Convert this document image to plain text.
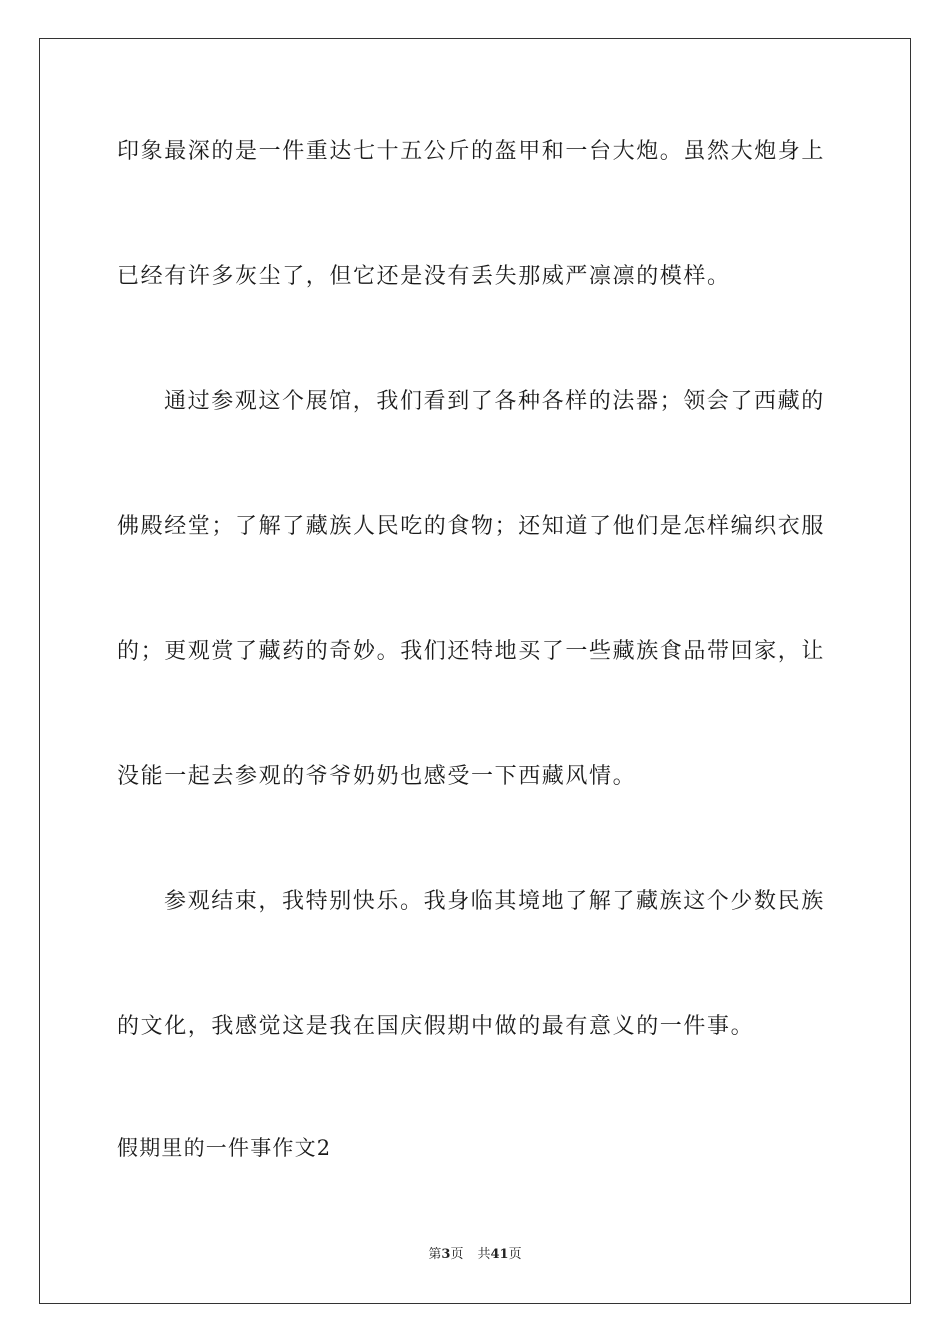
印象最深的是一件重达七十五公斤的盔甲和一台大炮。虽然大炮身上
已经有许多灰尘了，但它还是没有丢失那威严凛凛的模样。
通过参观这个展馆，我们看到了各种各样的法器；领会了西藏的
佛殿经堂；了解了藏族人民吃的食物；还知道了他们是怎样编织衣服
的；更观赏了藏药的奇妙。我们还特地买了一些藏族食品带回家，让
没能一起去参观的爷爷奶奶也感受一下西藏风情。
参观结束，我特别快乐。我身临其境地了解了藏族这个少数民族
的文化，我感觉这是我在国庆假期中做的最有意义的一件事。
假期里的一件事作文2
第3页 共41页
